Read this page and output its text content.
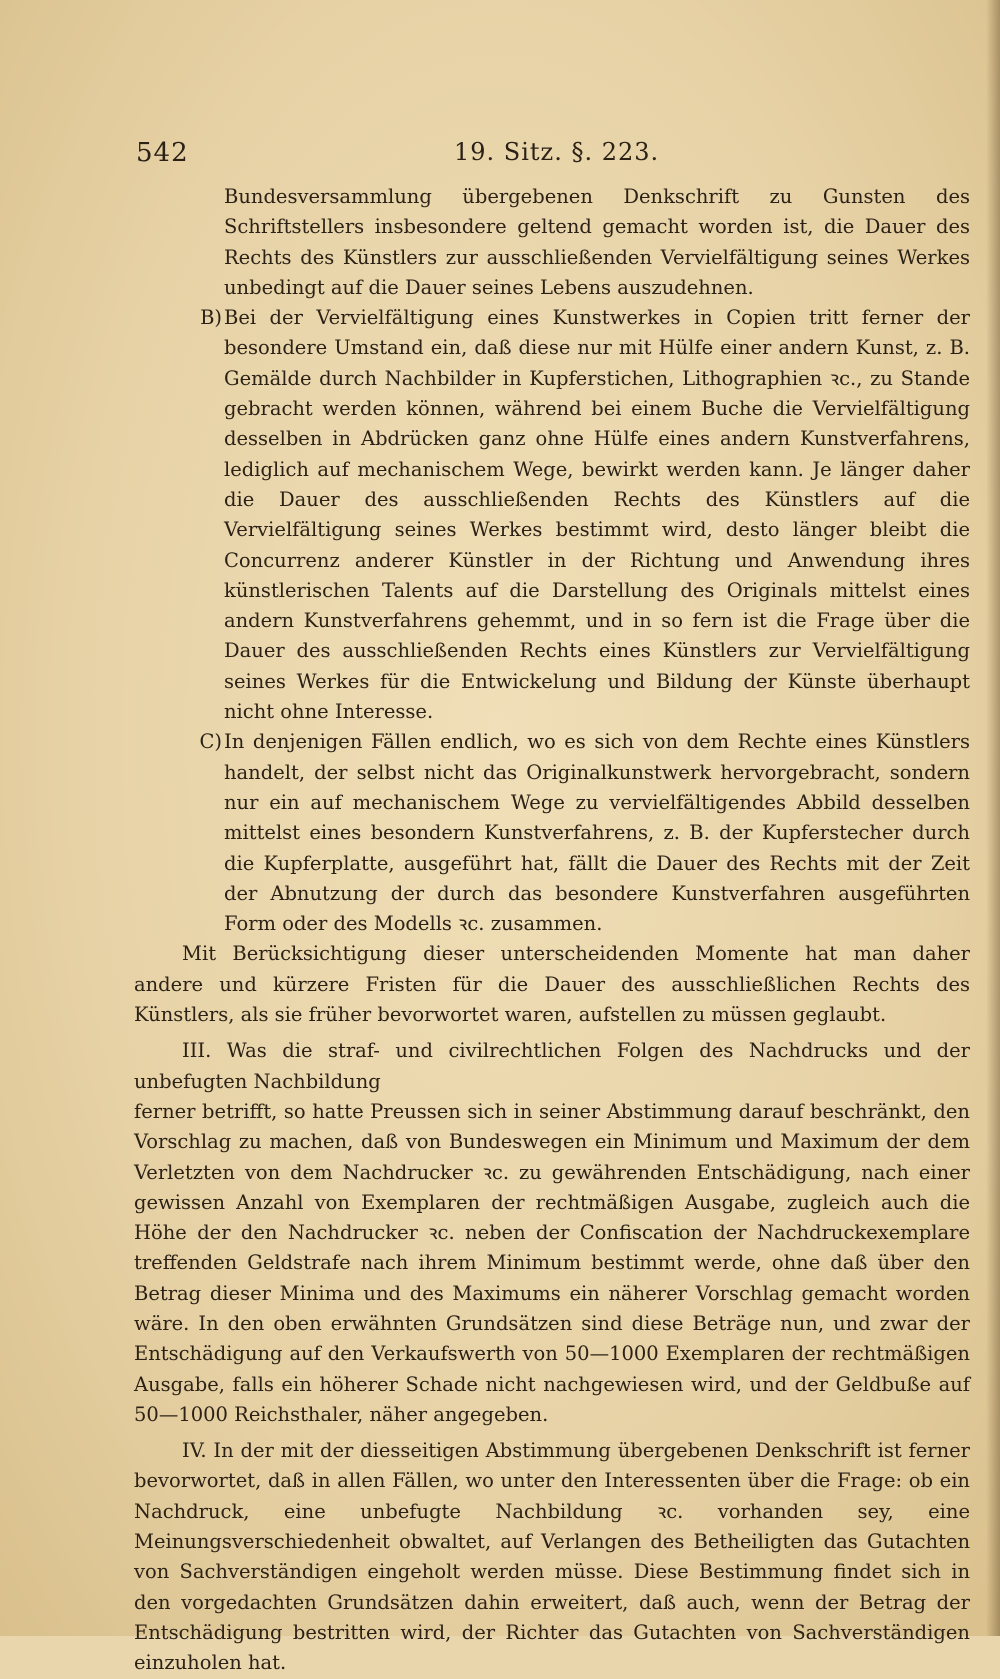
542	19. Sitz. §. 223.

Bundesversammlung übergebenen Denkschrift zu Gunsten des Schriftstellers insbesondere geltend gemacht worden ist, die Dauer des Rechts des Künstlers zur ausschließenden Vervielfältigung seines Werkes unbedingt auf die Dauer seines Lebens auszudehnen.

B) Bei der Vervielfältigung eines Kunstwerkes in Copien tritt ferner der besondere Umstand ein, daß diese nur mit Hülfe einer andern Kunst, z. B. Gemälde durch Nachbilder in Kupferstichen, Lithographien ꝛc., zu Stande gebracht werden können, während bei einem Buche die Vervielfältigung desselben in Abdrücken ganz ohne Hülfe eines andern Kunstverfahrens, lediglich auf mechanischem Wege, bewirkt werden kann. Je länger daher die Dauer des ausschließenden Rechts des Künstlers auf die Vervielfältigung seines Werkes bestimmt wird, desto länger bleibt die Concurrenz anderer Künstler in der Richtung und Anwendung ihres künstlerischen Talents auf die Darstellung des Originals mittelst eines andern Kunstverfahrens gehemmt, und in so fern ist die Frage über die Dauer des ausschließenden Rechts eines Künstlers zur Vervielfältigung seines Werkes für die Entwickelung und Bildung der Künste überhaupt nicht ohne Interesse.

C) In denjenigen Fällen endlich, wo es sich von dem Rechte eines Künstlers handelt, der selbst nicht das Originalkunstwerk hervorgebracht, sondern nur ein auf mechanischem Wege zu vervielfältigendes Abbild desselben mittelst eines besondern Kunstverfahrens, z. B. der Kupferstecher durch die Kupferplatte, ausgeführt hat, fällt die Dauer des Rechts mit der Zeit der Abnutzung der durch das besondere Kunstverfahren ausgeführten Form oder des Modells ꝛc. zusammen.

Mit Berücksichtigung dieser unterscheidenden Momente hat man daher andere und kürzere Fristen für die Dauer des ausschließlichen Rechts des Künstlers, als sie früher bevorwortet waren, aufstellen zu müssen geglaubt.

III. Was die straf- und civilrechtlichen Folgen des Nachdrucks und der unbefugten Nachbildung

ferner betrifft, so hatte Preussen sich in seiner Abstimmung darauf beschränkt, den Vorschlag zu machen, daß von Bundeswegen ein Minimum und Maximum der dem Verletzten von dem Nachdrucker ꝛc. zu gewährenden Entschädigung, nach einer gewissen Anzahl von Exemplaren der rechtmäßigen Ausgabe, zugleich auch die Höhe der den Nachdrucker ꝛc. neben der Confiscation der Nachdruckexemplare treffenden Geldstrafe nach ihrem Minimum bestimmt werde, ohne daß über den Betrag dieser Minima und des Maximums ein näherer Vorschlag gemacht worden wäre. In den oben erwähnten Grundsätzen sind diese Beträge nun, und zwar der Entschädigung auf den Verkaufswerth von 50—1000 Exemplaren der rechtmäßigen Ausgabe, falls ein höherer Schade nicht nachgewiesen wird, und der Geldbuße auf 50—1000 Reichsthaler, näher angegeben.

IV. In der mit der diesseitigen Abstimmung übergebenen Denkschrift ist ferner bevorwortet, daß in allen Fällen, wo unter den Interessenten über die Frage: ob ein Nachdruck, eine unbefugte Nachbildung ꝛc. vorhanden sey, eine Meinungsverschiedenheit obwaltet, auf Verlangen des Betheiligten das Gutachten von Sachverständigen eingeholt werden müsse. Diese Bestimmung findet sich in den vorgedachten Grundsätzen dahin erweitert, daß auch, wenn der Betrag der Entschädigung bestritten wird, der Richter das Gutachten von Sachverständigen einzuholen hat.
